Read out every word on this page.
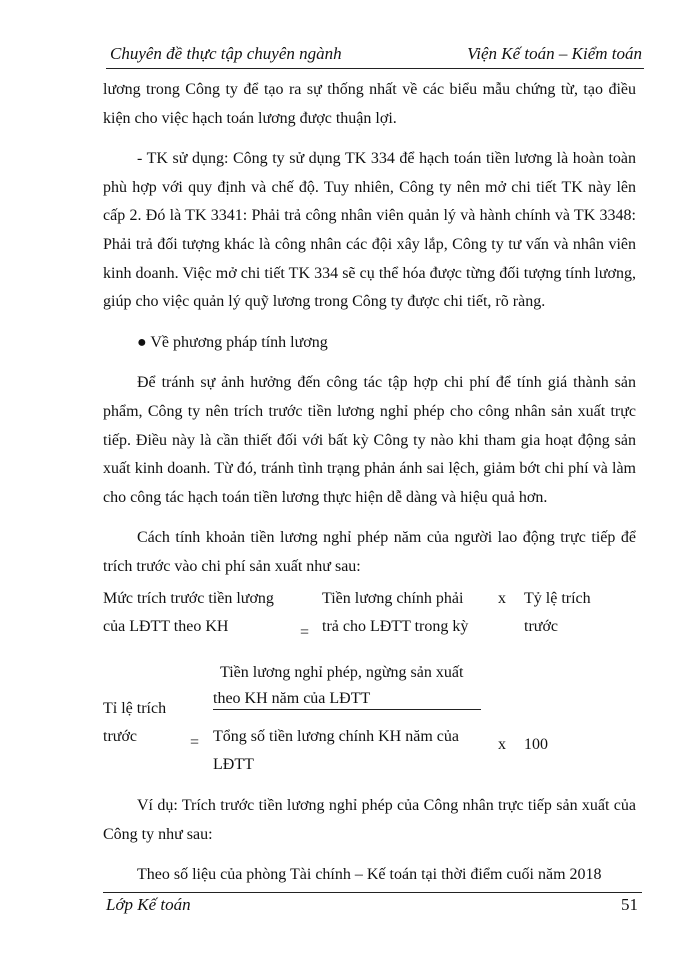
Chuyên đề thực tập chuyên ngành	Viện Kế toán – Kiểm toán

lương trong Công ty để tạo ra sự thống nhất về các biểu mẫu chứng từ, tạo điều kiện cho việc hạch toán lương được thuận lợi.

- TK sử dụng: Công ty sử dụng TK 334 để hạch toán tiền lương là hoàn toàn phù hợp với quy định và chế độ. Tuy nhiên, Công ty nên mở chi tiết TK này lên cấp 2. Đó là TK 3341: Phải trả công nhân viên quản lý và hành chính và TK 3348: Phải trả đối tượng khác là công nhân các đội xây lắp, Công ty tư vấn và nhân viên kinh doanh. Việc mở chi tiết TK 334 sẽ cụ thể hóa được từng đối tượng tính lương, giúp cho việc quản lý quỹ lương trong Công ty được chi tiết, rõ ràng.

● Về phương pháp tính lương

Để tránh sự ảnh hưởng đến công tác tập hợp chi phí để tính giá thành sản phẩm, Công ty nên trích trước tiền lương nghỉ phép cho công nhân sản xuất trực tiếp. Điều này là cần thiết đối với bất kỳ Công ty nào khi tham gia hoạt động sản xuất kinh doanh. Từ đó, tránh tình trạng phản ánh sai lệch, giảm bớt chi phí và làm cho công tác hạch toán tiền lương thực hiện dễ dàng và hiệu quả hơn.

Cách tính khoản tiền lương nghỉ phép năm của người lao động trực tiếp để trích trước vào chi phí sản xuất như sau:

Mức trích trước tiền lương
của LĐTT theo KH	=
Tiền lương chính phải
trả cho LĐTT trong kỳ
x Tỷ lệ trích
trước
Tỉ lệ trích
trước	=
Tiền lương nghỉ phép, ngừng sản xuất
theo KH năm của LĐTT
Tổng số tiền lương chính KH năm của
LĐTT
x 100

Ví dụ: Trích trước tiền lương nghỉ phép của Công nhân trực tiếp sản xuất của Công ty như sau:

Theo số liệu của phòng Tài chính – Kế toán tại thời điểm cuối năm 2018

Lớp Kế toán	51
